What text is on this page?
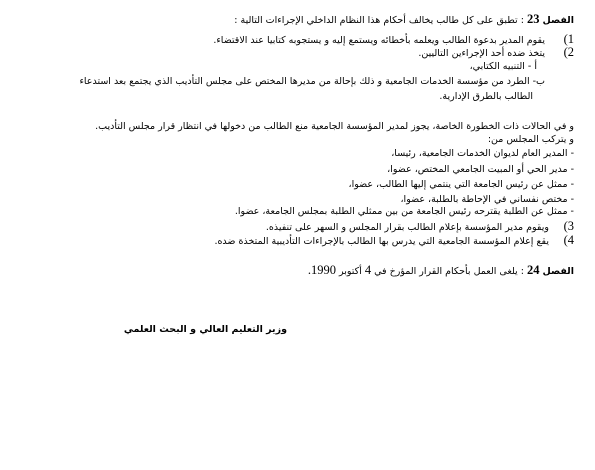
الفصل 23 : تطبق على كل طالب يخالف أحكام هذا النظام الداخلي الإجراءات التالية :
1) يقوم المدير بدعوة الطالب ويعلمه بأخطائه ويستمع إليه و يستجوبه كتابيا عند الاقتضاء.
2) يتخذ ضده أحد الإجراءين التاليين.
أ - التنبيه الكتابي،
ب- الطرد من مؤسسة الخدمات الجامعية و ذلك بإحالة من مديرها المختص على مجلس التأديب الذي يجتمع بعد استدعاء
الطالب بالطرق الإدارية.
و في الحالات ذات الخطورة الخاصة، يجوز لمدير المؤسسة الجامعية منع الطالب من دخولها في انتظار قرار مجلس التأديب.
و يتركب المجلس من:
- المدير العام لديوان الخدمات الجامعية، رئيسا،
- مدير الحي أو المبيت الجامعي المختص، عضوا،
- ممثل عن رئيس الجامعة التي ينتمي إليها الطالب، عضوا،
- مختص نفساني في الإحاطة بالطلبة، عضوا،
- ممثل عن الطلبة يقترحه رئيس الجامعة من بين ممثلي الطلبة بمجلس الجامعة، عضوا.
3) ويقوم مدير المؤسسة بإعلام الطالب بقرار المجلس و السهر على تنفيذه.
4) يقع إعلام المؤسسة الجامعية التي يدرس بها الطالب بالإجراءات التأديبية المتخذة ضده.
الفصل 24 : يلغى العمل بأحكام القرار المؤرخ في 4 أكتوبر 1990.
وزير التعليم العالي و البحث العلمي
